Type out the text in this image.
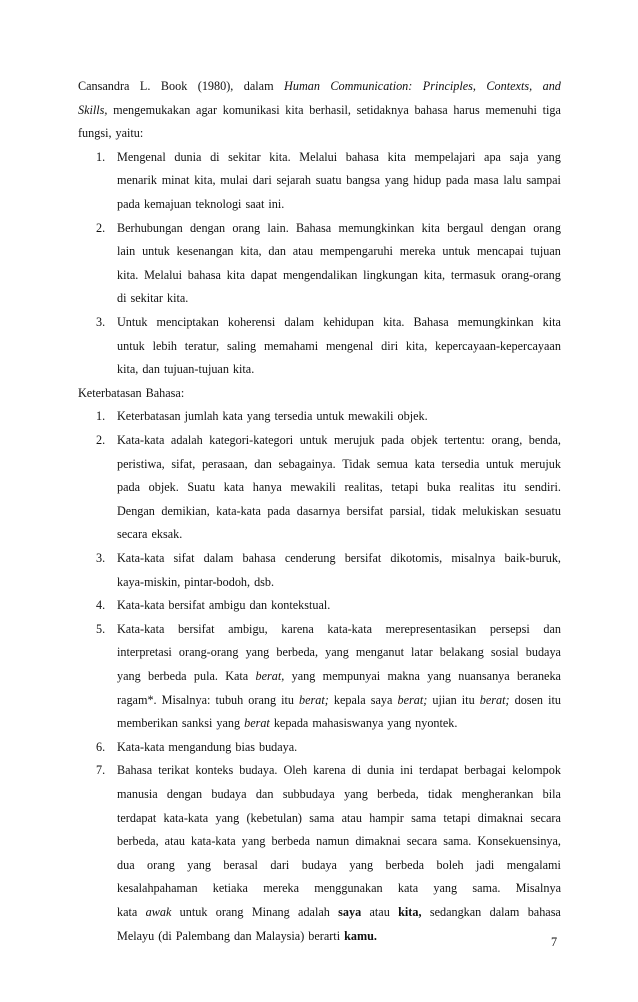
7
Cansandra L. Book (1980), dalam Human Communication: Principles, Contexts, and
Skills, mengemukakan agar komunikasi kita berhasil, setidaknya bahasa harus memenuhi tiga
fungsi, yaitu:
1. Mengenal dunia di sekitar kita. Melalui bahasa kita mempelajari apa saja yang
menarik minat kita, mulai dari sejarah suatu bangsa yang hidup pada masa lalu sampai
pada kemajuan teknologi saat ini.
2. Berhubungan dengan orang lain. Bahasa memungkinkan kita bergaul dengan orang
lain untuk kesenangan kita, dan atau mempengaruhi mereka untuk mencapai tujuan
kita. Melalui bahasa kita dapat mengendalikan lingkungan kita, termasuk orang-orang
di sekitar kita.
3. Untuk menciptakan koherensi dalam kehidupan kita. Bahasa memungkinkan kita
untuk lebih teratur, saling memahami mengenal diri kita, kepercayaan-kepercayaan
kita, dan tujuan-tujuan kita.
Keterbatasan Bahasa:
1. Keterbatasan jumlah kata yang tersedia untuk mewakili objek.
2. Kata-kata adalah kategori-kategori untuk merujuk pada objek tertentu: orang, benda,
peristiwa, sifat, perasaan, dan sebagainya. Tidak semua kata tersedia untuk merujuk
pada objek. Suatu kata hanya mewakili realitas, tetapi buka realitas itu sendiri.
Dengan demikian, kata-kata pada dasarnya bersifat parsial, tidak melukiskan sesuatu
secara eksak.
3. Kata-kata sifat dalam bahasa cenderung bersifat dikotomis, misalnya baik-buruk,
kaya-miskin, pintar-bodoh, dsb.
4. Kata-kata bersifat ambigu dan kontekstual.
5. Kata-kata bersifat ambigu, karena kata-kata merepresentasikan persepsi dan
interpretasi orang-orang yang berbeda, yang menganut latar belakang sosial budaya
yang berbeda pula. Kata berat, yang mempunyai makna yang nuansanya beraneka
ragam*. Misalnya: tubuh orang itu berat; kepala saya berat; ujian itu berat; dosen itu
memberikan sanksi yang berat kepada mahasiswanya yang nyontek.
6. Kata-kata mengandung bias budaya.
7. Bahasa terikat konteks budaya. Oleh karena di dunia ini terdapat berbagai kelompok
manusia dengan budaya dan subbudaya yang berbeda, tidak mengherankan bila
terdapat kata-kata yang (kebetulan) sama atau hampir sama tetapi dimaknai secara
berbeda, atau kata-kata yang berbeda namun dimaknai secara sama. Konsekuensinya,
dua orang yang berasal dari budaya yang berbeda boleh jadi mengalami
kesalahpahaman ketiaka mereka menggunakan kata yang sama. Misalnya
kata awak untuk orang Minang adalah saya atau kita, sedangkan dalam bahasa
Melayu (di Palembang dan Malaysia) berarti kamu.
